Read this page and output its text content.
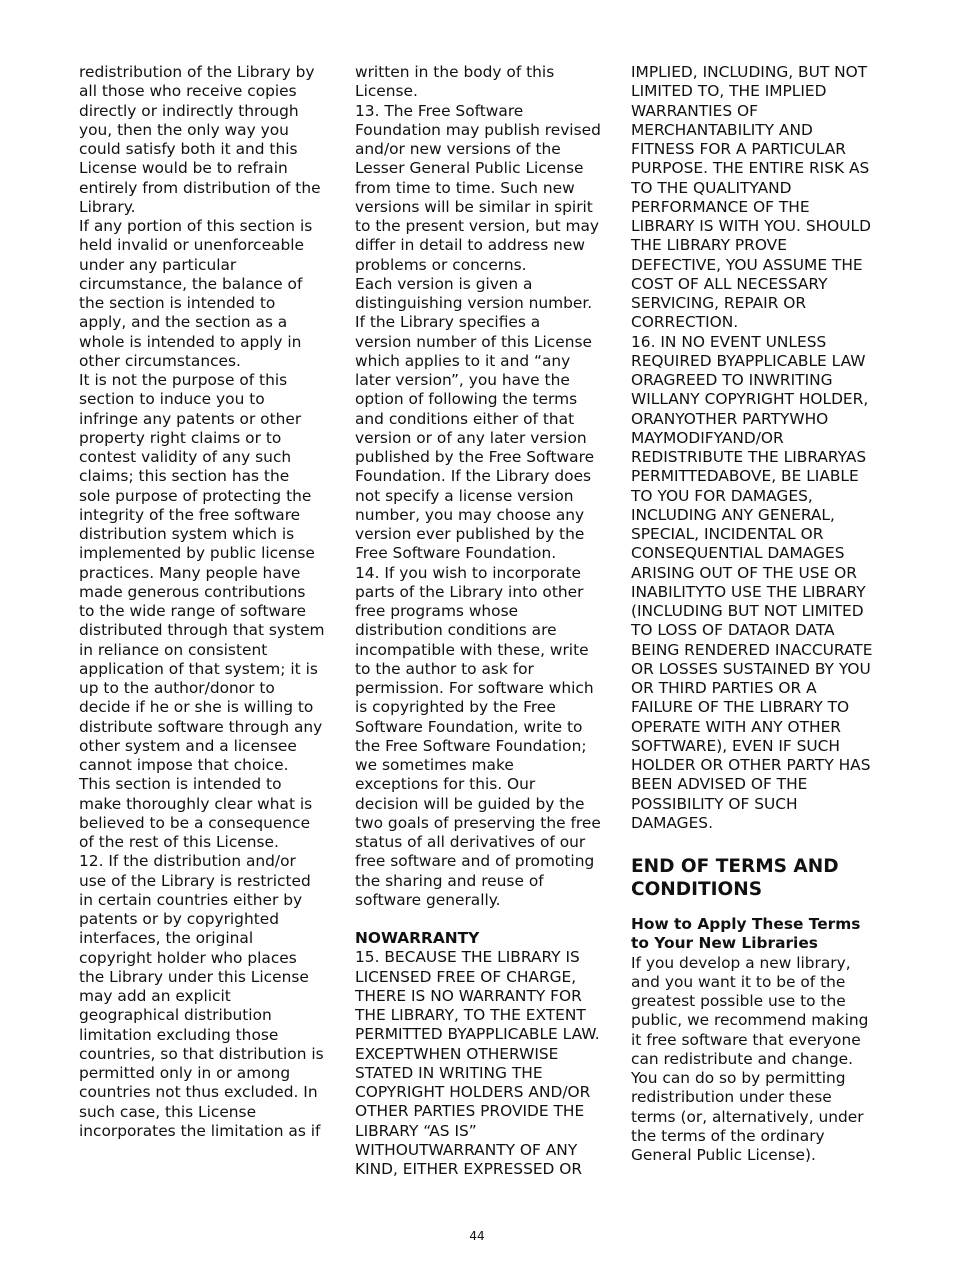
redistribution of the Library by all those who receive copies directly or indirectly through you, then the only way you could satisfy both it and this License would be to refrain entirely from distribution of the Library.

If any portion of this section is held invalid or unenforceable under any particular circumstance, the balance of the section is intended to apply, and the section as a whole is intended to apply in other circumstances.

It is not the purpose of this section to induce you to infringe any patents or other property right claims or to contest validity of any such claims; this section has the sole purpose of protecting the integrity of the free software distribution system which is implemented by public license practices. Many people have made generous contributions to the wide range of software distributed through that system in reliance on consistent application of that system; it is up to the author/donor to decide if he or she is willing to distribute software through any other system and a licensee cannot impose that choice.

This section is intended to make thoroughly clear what is believed to be a consequence of the rest of this License.

12. If the distribution and/or use of the Library is restricted in certain countries either by patents or by copyrighted interfaces, the original copyright holder who places the Library under this License may add an explicit geographical distribution limitation excluding those countries, so that distribution is permitted only in or among countries not thus excluded. In such case, this License incorporates the limitation as if

written in the body of this License.

13. The Free Software Foundation may publish revised and/or new versions of the Lesser General Public License from time to time. Such new versions will be similar in spirit to the present version, but may differ in detail to address new problems or concerns.

Each version is given a distinguishing version number. If the Library specifies a version number of this License which applies to it and “any later version”, you have the option of following the terms and conditions either of that version or of any later version published by the Free Software Foundation. If the Library does not specify a license version number, you may choose any version ever published by the Free Software Foundation.

14. If you wish to incorporate parts of the Library into other free programs whose distribution conditions are incompatible with these, write to the author to ask for permission. For software which is copyrighted by the Free Software Foundation, write to the Free Software Foundation; we sometimes make exceptions for this. Our decision will be guided by the two goals of preserving the free status of all derivatives of our free software and of promoting the sharing and reuse of software generally.

NOWARRANTY

15. BECAUSE THE LIBRARY IS LICENSED FREE OF CHARGE, THERE IS NO WARRANTY FOR THE LIBRARY, TO THE EXTENT PERMITTED BYAPPLICABLE LAW. EXCEPTWHEN OTHERWISE STATED IN WRITING THE COPYRIGHT HOLDERS AND/OR OTHER PARTIES PROVIDE THE LIBRARY “AS IS” WITHOUTWARRANTY OF ANY KIND, EITHER EXPRESSED OR

IMPLIED, INCLUDING, BUT NOT LIMITED TO, THE IMPLIED WARRANTIES OF MERCHANTABILITY AND FITNESS FOR A PARTICULAR PURPOSE. THE ENTIRE RISK AS TO THE QUALITYAND PERFORMANCE OF THE LIBRARY IS WITH YOU. SHOULD THE LIBRARY PROVE DEFECTIVE, YOU ASSUME THE COST OF ALL NECESSARY SERVICING, REPAIR OR CORRECTION.

16. IN NO EVENT UNLESS REQUIRED BYAPPLICABLE LAW ORAGREED TO INWRITING WILLANY COPYRIGHT HOLDER, ORANYOTHER PARTYWHO MAYMODIFYAND/OR REDISTRIBUTE THE LIBRARYAS PERMITTEDABOVE, BE LIABLE TO YOU FOR DAMAGES, INCLUDING ANY GENERAL, SPECIAL, INCIDENTAL OR CONSEQUENTIAL DAMAGES ARISING OUT OF THE USE OR INABILITYTO USE THE LIBRARY (INCLUDING BUT NOT LIMITED TO LOSS OF DATAOR DATA BEING RENDERED INACCURATE OR LOSSES SUSTAINED BY YOU OR THIRD PARTIES OR A FAILURE OF THE LIBRARY TO OPERATE WITH ANY OTHER SOFTWARE), EVEN IF SUCH HOLDER OR OTHER PARTY HAS BEEN ADVISED OF THE POSSIBILITY OF SUCH DAMAGES.

END OF TERMS AND CONDITIONS

How to Apply These Terms to Your New Libraries

If you develop a new library, and you want it to be of the greatest possible use to the public, we recommend making it free software that everyone can redistribute and change. You can do so by permitting redistribution under these terms (or, alternatively, under the terms of the ordinary General Public License).

44
